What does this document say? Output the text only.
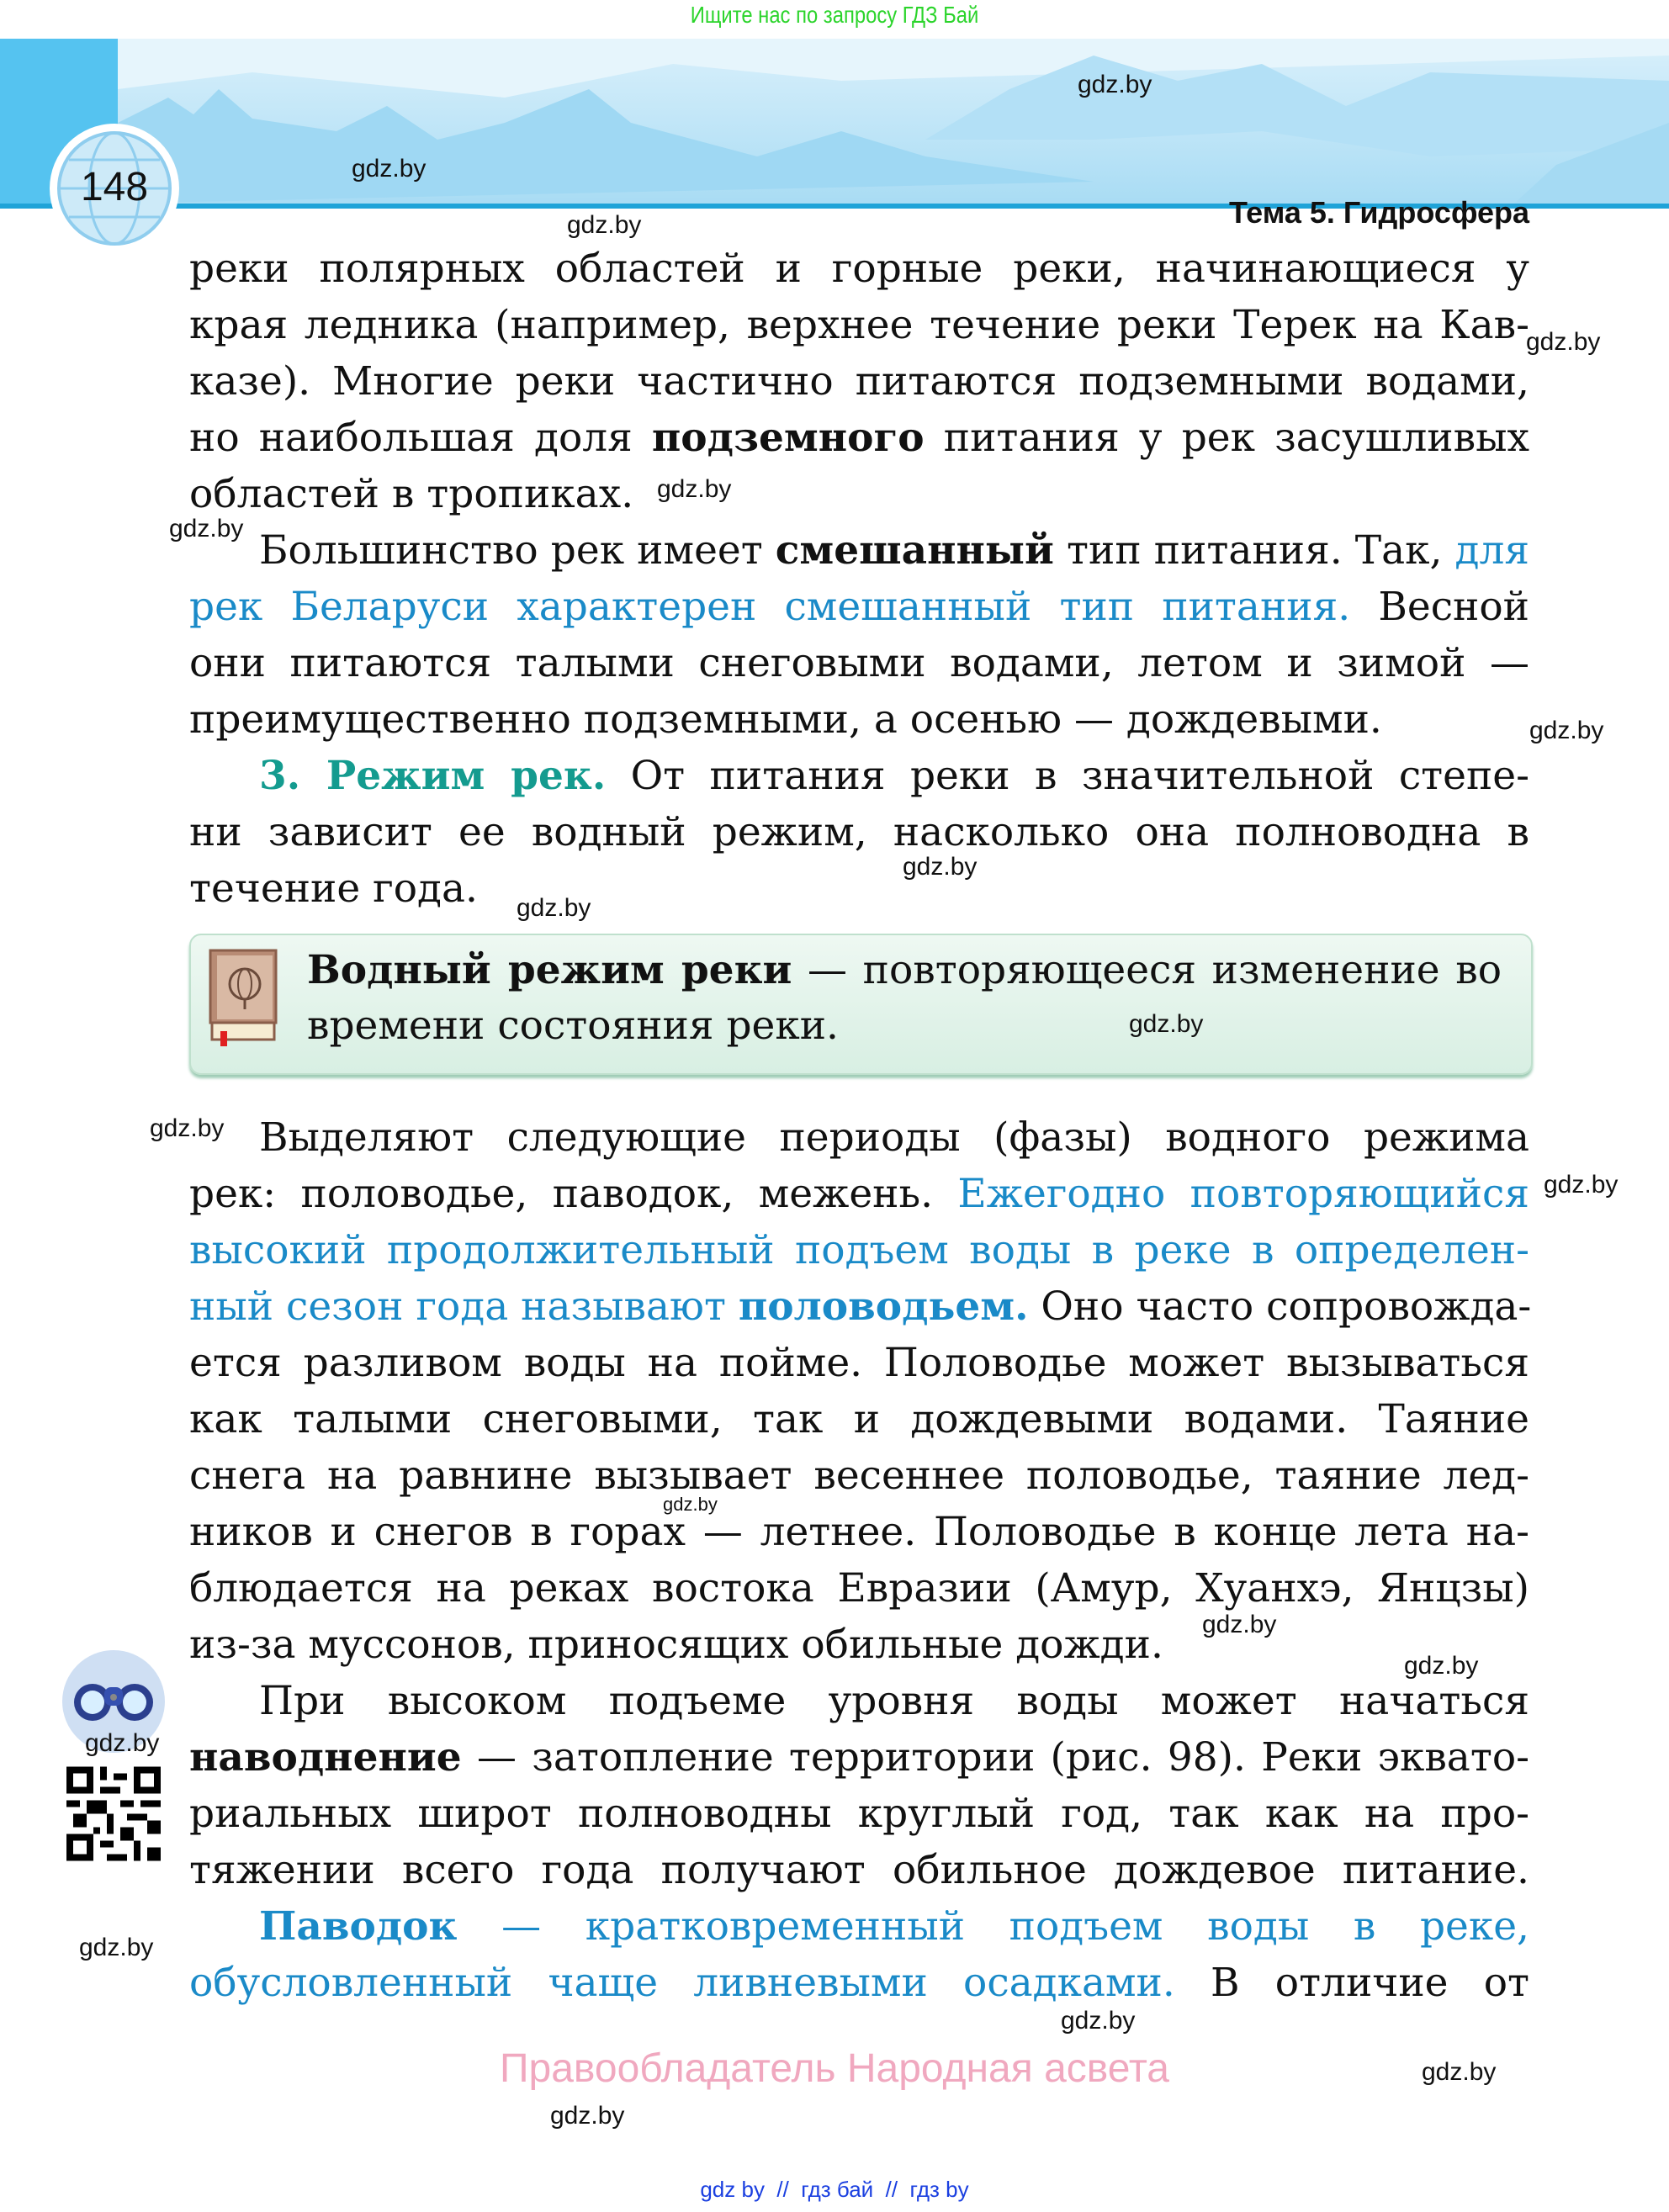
Ищите нас по запросу ГДЗ Бай
Тема 5. Гидросфера
148
реки полярных областей и горные реки, начинающиеся у
края ледника (например, верхнее течение реки Терек на Кав-
казе). Многие реки частично питаются подземными водами,
но наибольшая доля подземного питания у рек засушливых
областей в тропиках.
Большинство рек имеет смешанный тип питания. Так, для
рек Беларуси характерен смешанный тип питания. Весной
они питаются талыми снеговыми водами, летом и зимой —
преимущественно подземными, а осенью — дождевыми.
3. Режим рек. От питания реки в значительной степе-
ни зависит ее водный режим, насколько она полноводна в
течение года.
Выделяют следующие периоды (фазы) водного режима
рек: половодье, паводок, межень. Ежегодно повторяющийся
высокий продолжительный подъем воды в реке в определен-
ный сезон года называют половодьем. Оно часто сопровожда-
ется разливом воды на пойме. Половодье может вызываться
как талыми снеговыми, так и дождевыми водами. Таяние
снега на равнине вызывает весеннее половодье, таяние лед-
ников и снегов в горах — летнее. Половодье в конце лета на-
блюдается на реках востока Евразии (Амур, Хуанхэ, Янцзы)
из-за муссонов, приносящих обильные дожди.
При высоком подъеме уровня воды может начаться
наводнение — затопление территории (рис. 98). Реки эквато-
риальных широт полноводны круглый год, так как на про-
тяжении всего года получают обильное дождевое питание.
Паводок — кратковременный подъем воды в реке,
обусловленный чаще ливневыми осадками. В отличие от
Водный режим реки — повторяющееся изменение во
времени состояния реки.
gdz.by
gdz.by
gdz.by
gdz.by
gdz.by
gdz.by
gdz.by
gdz.by
gdz.by
gdz.by
gdz.by
gdz.by
gdz.by
gdz.by
gdz.by
gdz.by
gdz.by
gdz.by
gdz.by
gdz.by
Правообладатель Народная асвета
gdz by  //  гдз бай  //  гдз by
